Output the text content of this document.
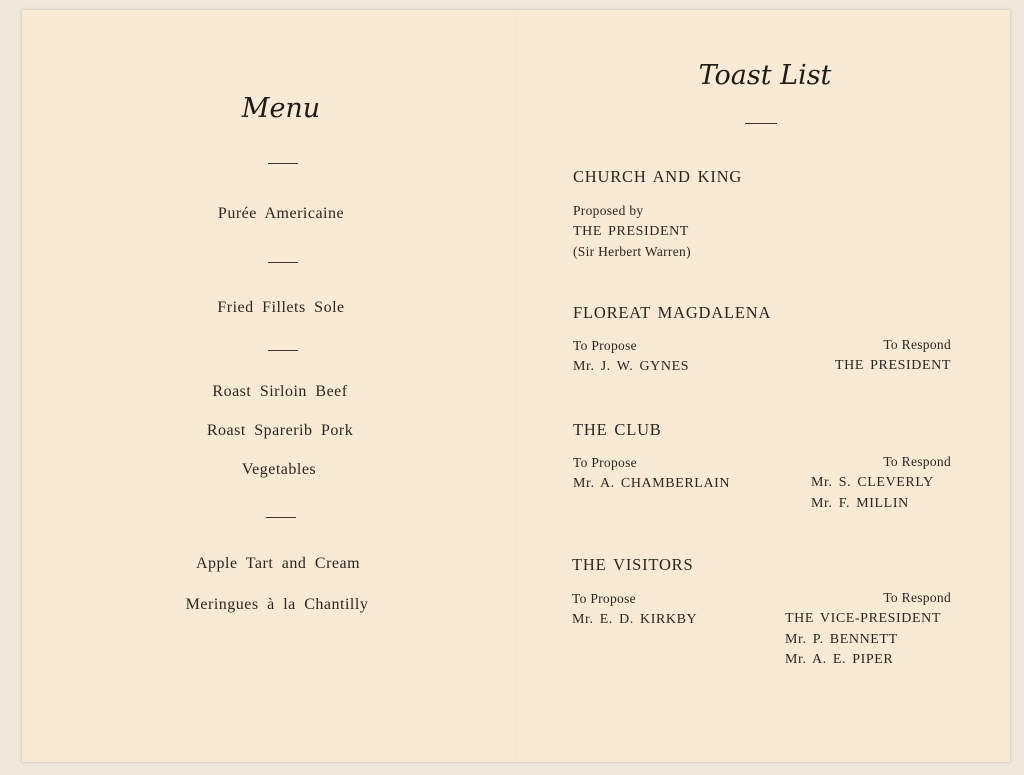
Menu
Purée Americaine
Fried Fillets Sole
Roast Sirloin Beef
Roast Sparerib Pork
Vegetables
Apple Tart and Cream
Meringues à la Chantilly
Toast List
CHURCH AND KING
Proposed by
THE PRESIDENT
(Sir Herbert Warren)
FLOREAT MAGDALENA
To Propose
Mr. J. W. GYNES
To Respond
THE PRESIDENT
THE CLUB
To Propose
Mr. A. CHAMBERLAIN
To Respond
Mr. S. CLEVERLY
Mr. F. MILLIN
THE VISITORS
To Propose
Mr. E. D. KIRKBY
To Respond
THE VICE-PRESIDENT
Mr. P. BENNETT
Mr. A. E. PIPER
